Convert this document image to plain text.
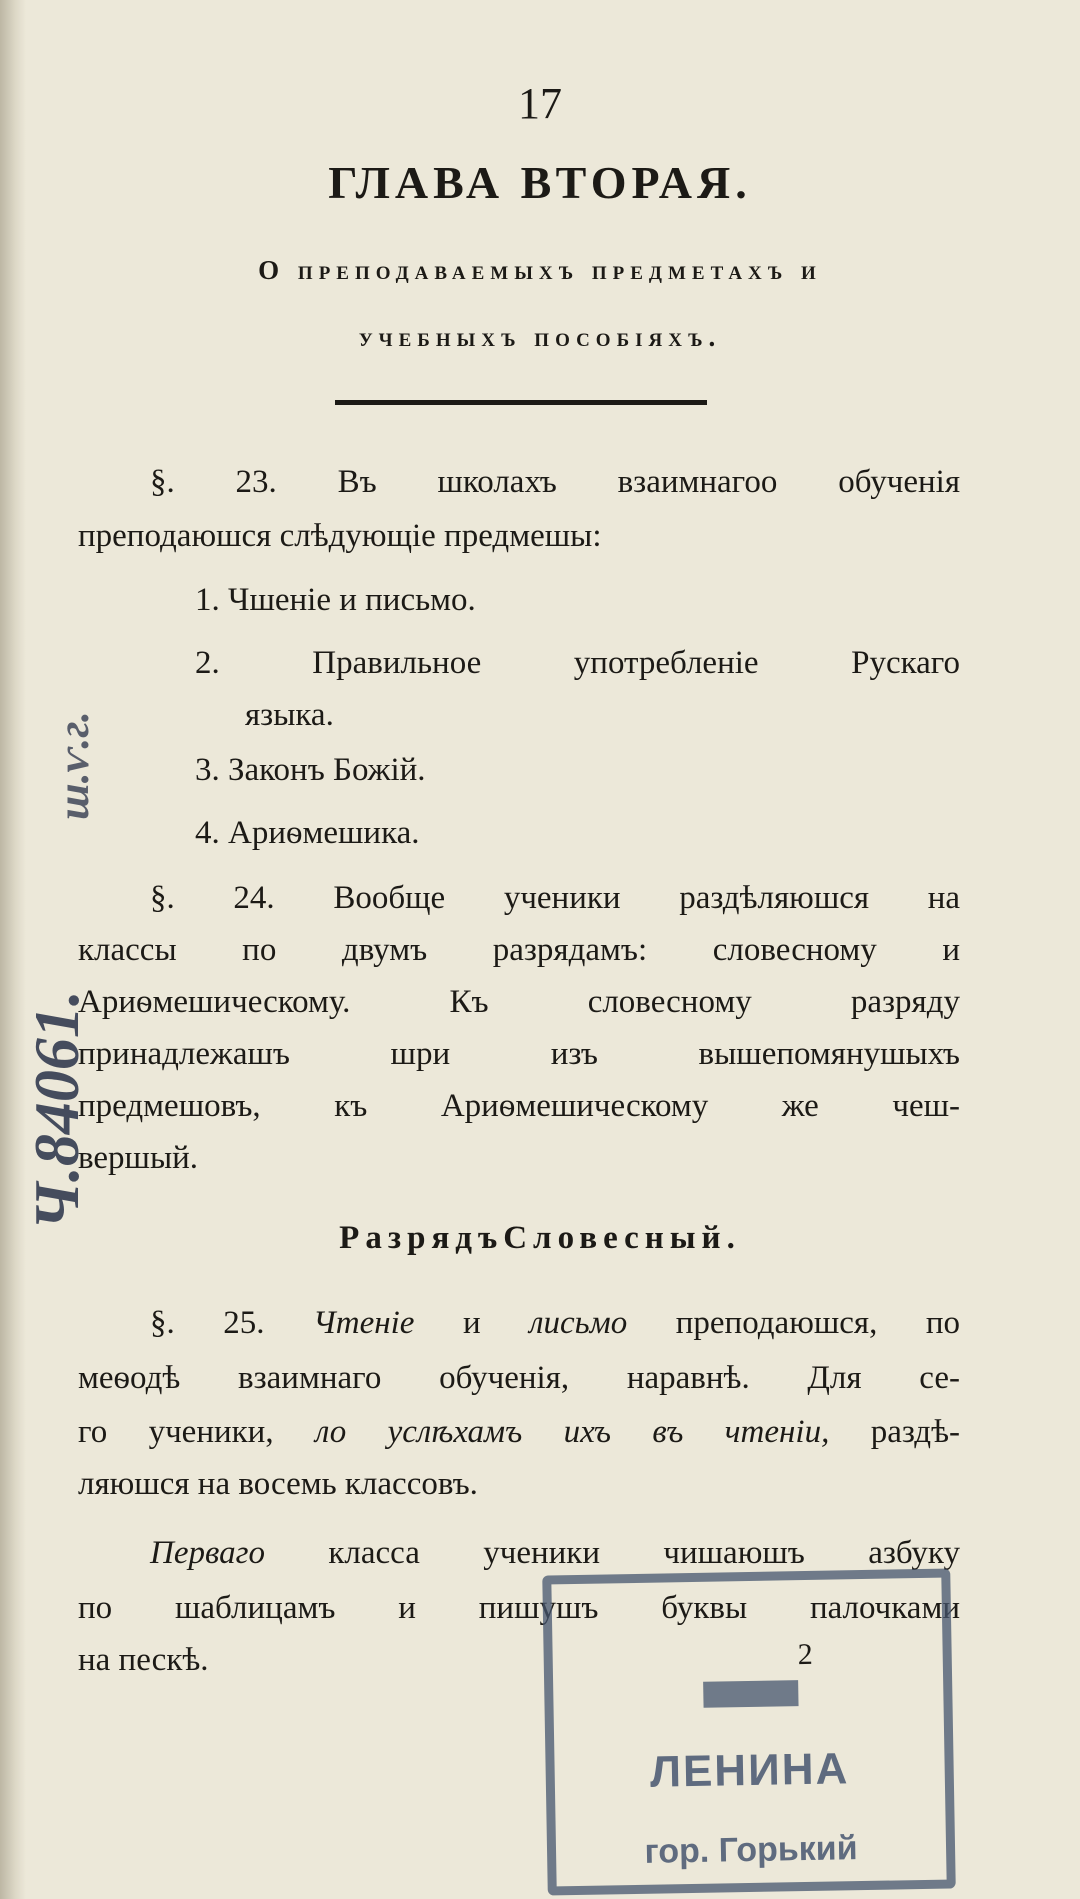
17
ГЛАВА ВТОРАЯ.
О преподаваемыхъ предметахъ и
учебныхъ пособiяхъ.
§. 23. Въ школахъ взаимнагоо обученiя
преподаюшся слѣдующiе предмешы:
1. Чшенiе и письмо.
2.	Правильное употребленiе Рускаго
языка.
3. Законъ Божiй.
4. Ариѳмешика.
§. 24. Вообще ученики раздѣляюшся на
классы по двумъ разрядамъ: словесному и
Ариѳмешическому. Къ словесному разряду
принадлежашъ шри изъ вышепомянушыхъ
предмешовъ, къ Ариѳмешическому же чеш-
вершый.
РазрядъСловесный.
§. 25. Чтенiе и лисьмо преподаюшся, по
меѳодѣ взаимнаго обученiя, наравнѣ. Для се-
го ученики, ло услѣхамъ ихъ въ чтенiи, раздѣ-
ляюшся на восемь классовъ.
Перваго класса ученики чишаюшъ азбуку
по шаблицамъ и пишушъ буквы палочками
на пескѣ.	2
ЛЕНИНА
гор. Горький
Ч.84061.
ш.ѵ.г.
